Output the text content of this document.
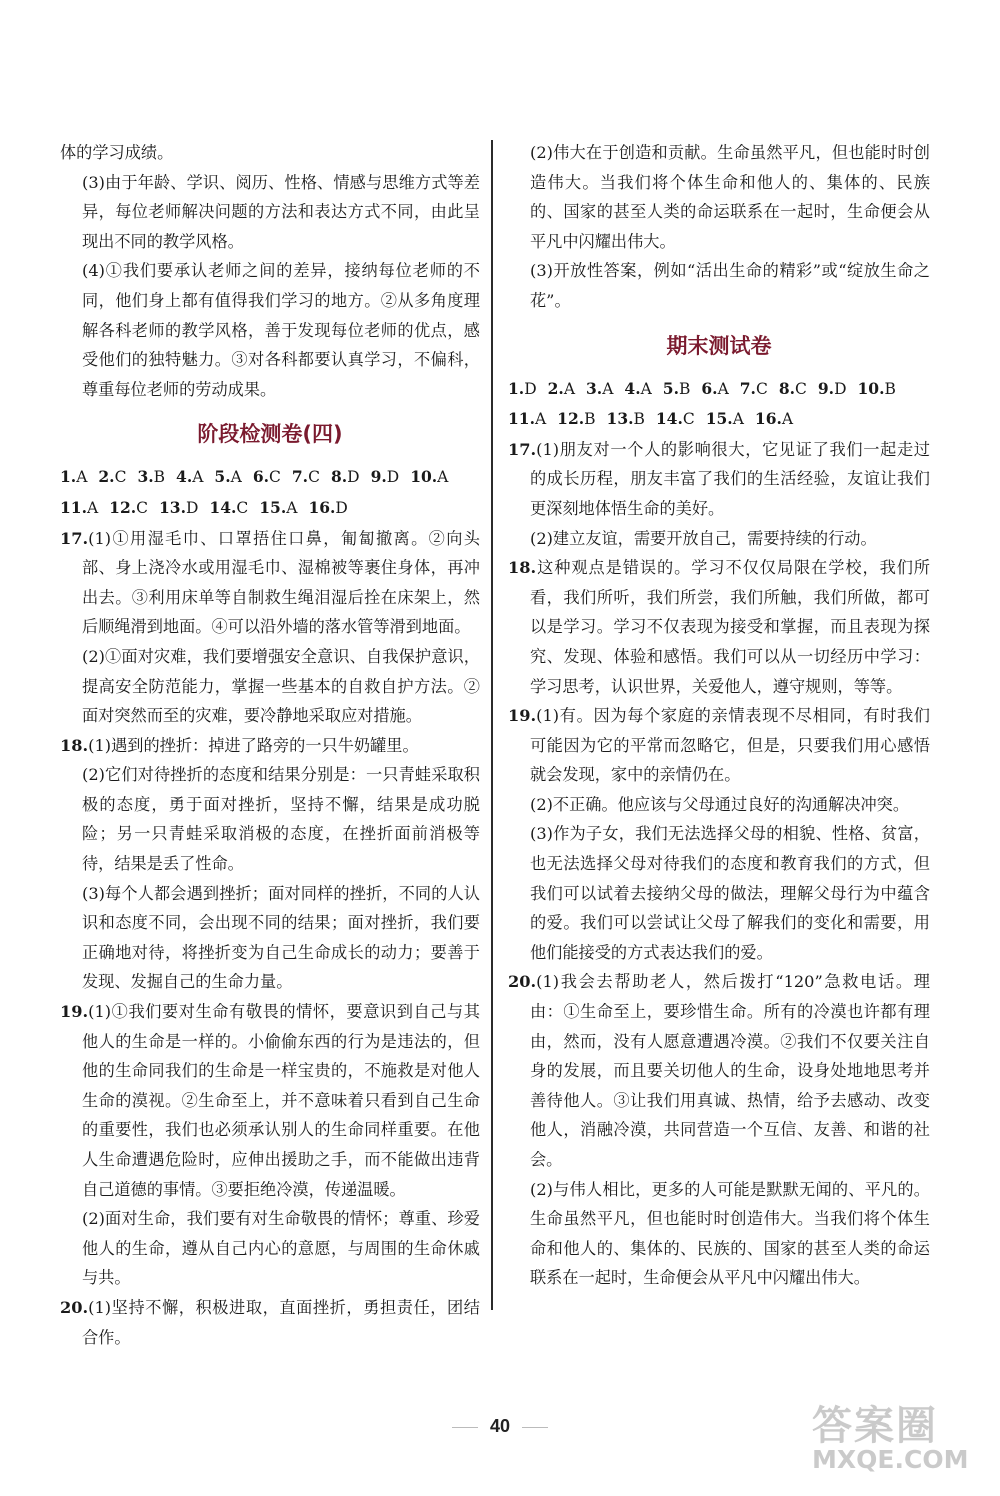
体的学习成绩。

(3)由于年龄、学识、阅历、性格、情感与思维方式等差异，每位老师解决问题的方法和表达方式不同，由此呈现出不同的教学风格。

(4)①我们要承认老师之间的差异，接纳每位老师的不同，他们身上都有值得我们学习的地方。②从多角度理解各科老师的教学风格，善于发现每位老师的优点，感受他们的独特魅力。③对各科都要认真学习，不偏科，尊重每位老师的劳动成果。

阶段检测卷(四)

1.A 2.C 3.B 4.A 5.A 6.C 7.C 8.D 9.D 10.A

11.A 12.C 13.D 14.C 15.A 16.D

17.(1)①用湿毛巾、口罩捂住口鼻，匍匐撤离。②向头部、身上浇冷水或用湿毛巾、湿棉被等裹住身体，再冲出去。③利用床单等自制救生绳泪湿后拴在床架上，然后顺绳滑到地面。④可以沿外墙的落水管等滑到地面。

(2)①面对灾难，我们要增强安全意识、自我保护意识，提高安全防范能力，掌握一些基本的自救自护方法。②面对突然而至的灾难，要冷静地采取应对措施。

18.(1)遇到的挫折：掉进了路旁的一只牛奶罐里。

(2)它们对待挫折的态度和结果分别是：一只青蛙采取积极的态度，勇于面对挫折，坚持不懈，结果是成功脱险；另一只青蛙采取消极的态度，在挫折面前消极等待，结果是丢了性命。

(3)每个人都会遇到挫折；面对同样的挫折，不同的人认识和态度不同，会出现不同的结果；面对挫折，我们要正确地对待，将挫折变为自己生命成长的动力；要善于发现、发掘自己的生命力量。

19.(1)①我们要对生命有敬畏的情怀，要意识到自己与其他人的生命是一样的。小偷偷东西的行为是违法的，但他的生命同我们的生命是一样宝贵的，不施救是对他人生命的漠视。②生命至上，并不意味着只看到自己生命的重要性，我们也必须承认别人的生命同样重要。在他人生命遭遇危险时，应伸出援助之手，而不能做出违背自己道德的事情。③要拒绝冷漠，传递温暖。

(2)面对生命，我们要有对生命敬畏的情怀；尊重、珍爱他人的生命，遵从自己内心的意愿，与周围的生命休戚与共。

20.(1)坚持不懈，积极进取，直面挫折，勇担责任，团结合作。

(2)伟大在于创造和贡献。生命虽然平凡，但也能时时创造伟大。当我们将个体生命和他人的、集体的、民族的、国家的甚至人类的命运联系在一起时，生命便会从平凡中闪耀出伟大。

(3)开放性答案，例如“活出生命的精彩”或“绽放生命之花”。

期末测试卷

1.D 2.A 3.A 4.A 5.B 6.A 7.C 8.C 9.D 10.B

11.A 12.B 13.B 14.C 15.A 16.A

17.(1)朋友对一个人的影响很大，它见证了我们一起走过的成长历程，朋友丰富了我们的生活经验，友谊让我们更深刻地体悟生命的美好。

(2)建立友谊，需要开放自己，需要持续的行动。

18.这种观点是错误的。学习不仅仅局限在学校，我们所看，我们所听，我们所尝，我们所触，我们所做，都可以是学习。学习不仅表现为接受和掌握，而且表现为探究、发现、体验和感悟。我们可以从一切经历中学习：学习思考，认识世界，关爱他人，遵守规则，等等。

19.(1)有。因为每个家庭的亲情表现不尽相同，有时我们可能因为它的平常而忽略它，但是，只要我们用心感悟就会发现，家中的亲情仍在。

(2)不正确。他应该与父母通过良好的沟通解决冲突。

(3)作为子女，我们无法选择父母的相貌、性格、贫富，也无法选择父母对待我们的态度和教育我们的方式，但我们可以试着去接纳父母的做法，理解父母行为中蕴含的爱。我们可以尝试让父母了解我们的变化和需要，用他们能接受的方式表达我们的爱。

20.(1)我会去帮助老人，然后拨打“120”急救电话。理由：①生命至上，要珍惜生命。所有的冷漠也许都有理由，然而，没有人愿意遭遇冷漠。②我们不仅要关注自身的发展，而且要关切他人的生命，设身处地地思考并善待他人。③让我们用真诚、热情，给予去感动、改变他人，消融冷漠，共同营造一个互信、友善、和谐的社会。

(2)与伟人相比，更多的人可能是默默无闻的、平凡的。生命虽然平凡，但也能时时创造伟大。当我们将个体生命和他人的、集体的、民族的、国家的甚至人类的命运联系在一起时，生命便会从平凡中闪耀出伟大。

40	答案圈
MXQE.COM
